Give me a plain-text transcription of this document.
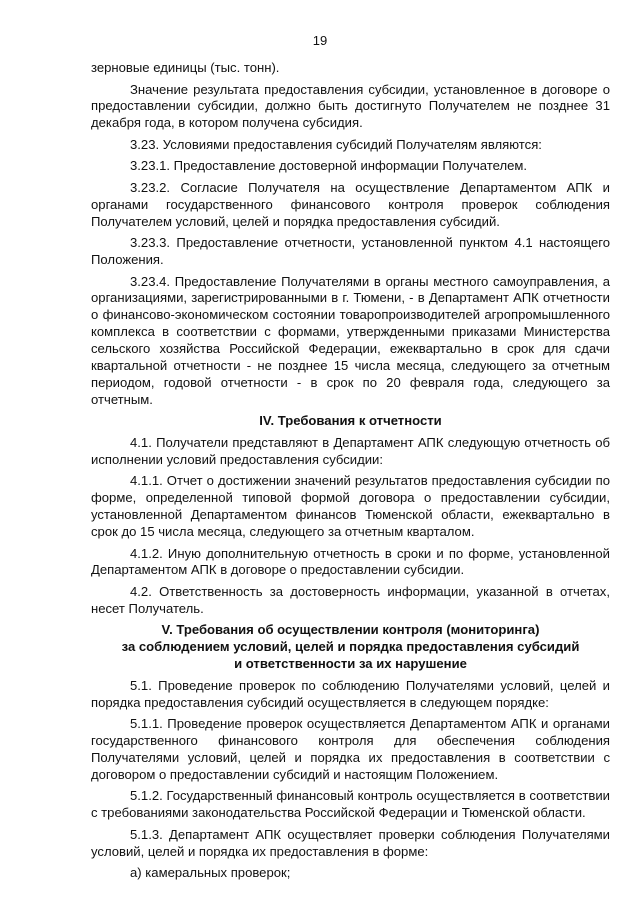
19

зерновые единицы (тыс. тонн).

Значение результата предоставления субсидии, установленное в договоре о предоставлении субсидии, должно быть достигнуто Получателем не позднее 31 декабря года, в котором получена субсидия.

3.23. Условиями предоставления субсидий Получателям являются:

3.23.1. Предоставление достоверной информации Получателем.

3.23.2. Согласие Получателя на осуществление Департаментом АПК и органами государственного финансового контроля проверок соблюдения Получателем условий, целей и порядка предоставления субсидий.

3.23.3. Предоставление отчетности, установленной пунктом 4.1 настоящего Положения.

3.23.4. Предоставление Получателями в органы местного самоуправления, а организациями, зарегистрированными в г. Тюмени, - в Департамент АПК отчетности о финансово-экономическом состоянии товаропроизводителей агропромышленного комплекса в соответствии с формами, утвержденными приказами Министерства сельского хозяйства Российской Федерации, ежеквартально в срок для сдачи квартальной отчетности - не позднее 15 числа месяца, следующего за отчетным периодом, годовой отчетности - в срок по 20 февраля года, следующего за отчетным.

IV. Требования к отчетности

4.1. Получатели представляют в Департамент АПК следующую отчетность об исполнении условий предоставления субсидии:

4.1.1. Отчет о достижении значений результатов предоставления субсидии по форме, определенной типовой формой договора о предоставлении субсидии, установленной Департаментом финансов Тюменской области, ежеквартально в срок до 15 числа месяца, следующего за отчетным кварталом.

4.1.2. Иную дополнительную отчетность в сроки и по форме, установленной Департаментом АПК в договоре о предоставлении субсидии.

4.2. Ответственность за достоверность информации, указанной в отчетах, несет Получатель.

V. Требования об осуществлении контроля (мониторинга)
за соблюдением условий, целей и порядка предоставления субсидий
и ответственности за их нарушение

5.1. Проведение проверок по соблюдению Получателями условий, целей и порядка предоставления субсидий осуществляется в следующем порядке:

5.1.1. Проведение проверок осуществляется Департаментом АПК и органами государственного финансового контроля для обеспечения соблюдения Получателями условий, целей и порядка их предоставления в соответствии с договором о предоставлении субсидий и настоящим Положением.

5.1.2. Государственный финансовый контроль осуществляется в соответствии с требованиями законодательства Российской Федерации и Тюменской области.

5.1.3. Департамент АПК осуществляет проверки соблюдения Получателями условий, целей и порядка их предоставления в форме:

а) камеральных проверок;
